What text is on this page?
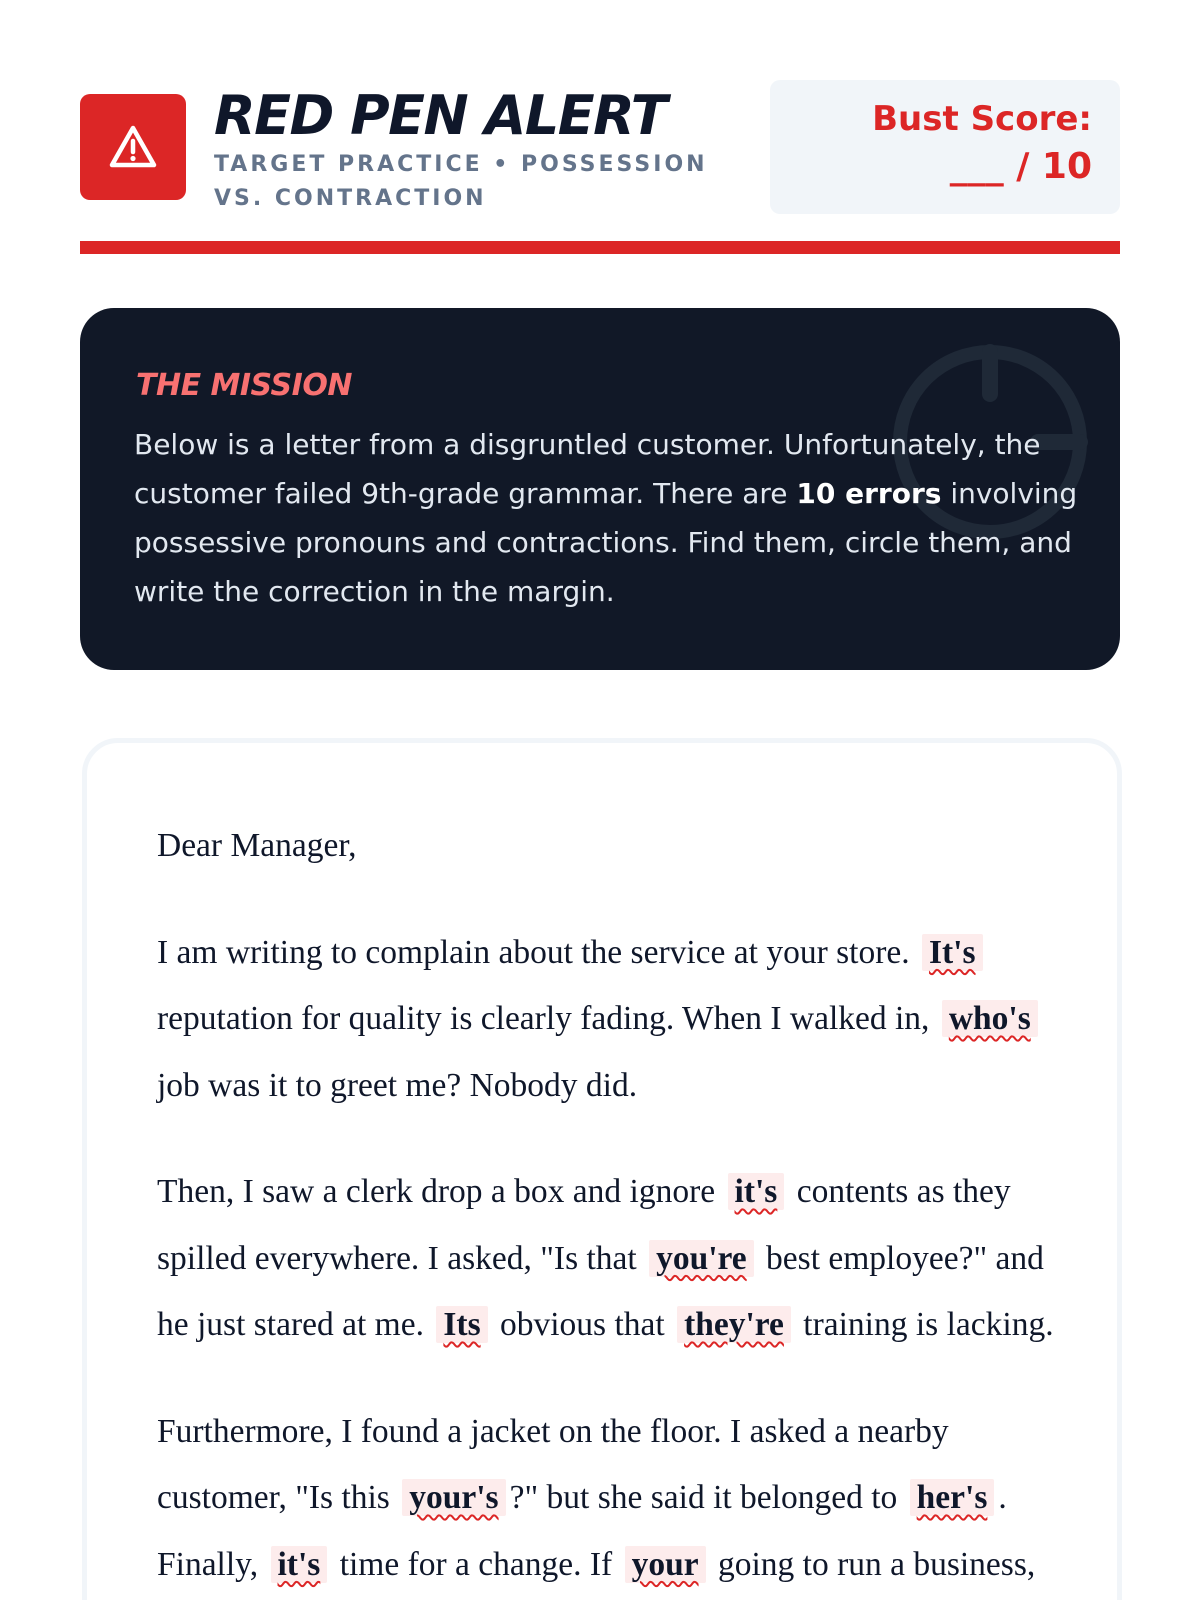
RED PEN ALERT
TARGET PRACTICE • POSSESSION VS. CONTRACTION
Bust Score:
___ / 10
THE MISSION
Below is a letter from a disgruntled customer. Unfortunately, the customer failed 9th-grade grammar. There are 10 errors involving possessive pronouns and contractions. Find them, circle them, and write the correction in the margin.

Dear Manager,

I am writing to complain about the service at your store. It's reputation for quality is clearly fading. When I walked in, who's job was it to greet me? Nobody did.

Then, I saw a clerk drop a box and ignore it's contents as they spilled everywhere. I asked, "Is that you're best employee?" and he just stared at me. Its obvious that they're training is lacking.

Furthermore, I found a jacket on the floor. I asked a nearby customer, "Is this your's ?" but she said it belonged to her's . Finally, it's time for a change. If your going to run a business,
